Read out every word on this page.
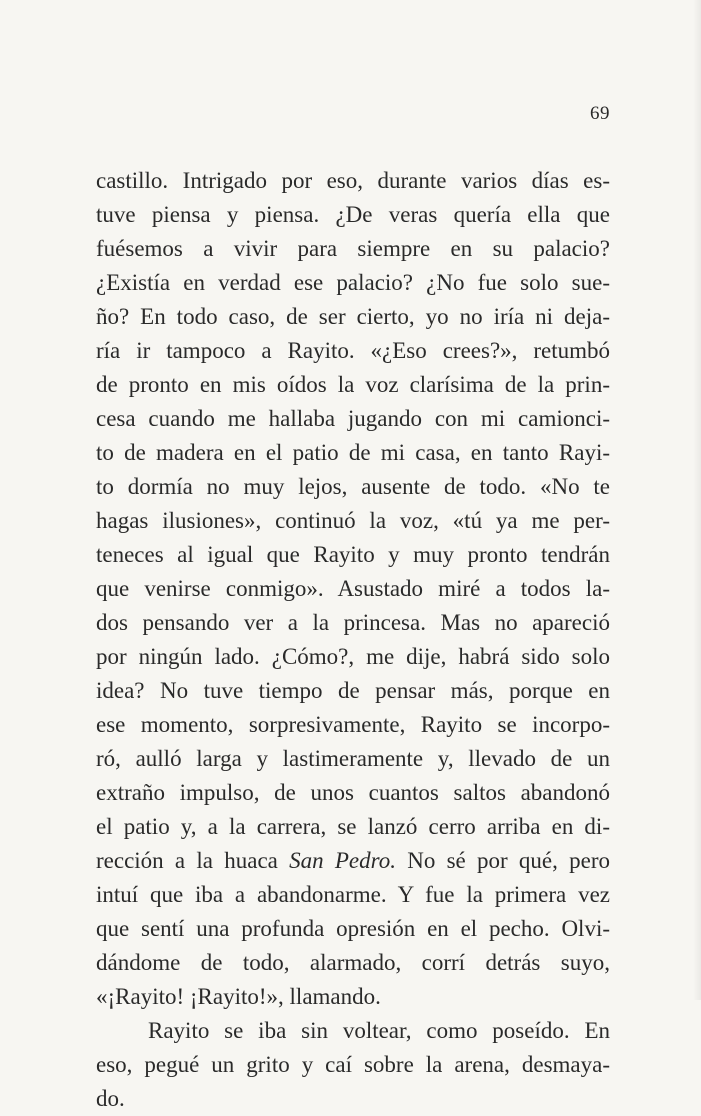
69
castillo. Intrigado por eso, durante varios días es-
tuve piensa y piensa. ¿De veras quería ella que
fuésemos a vivir para siempre en su palacio?
¿Existía en verdad ese palacio? ¿No fue solo sue-
ño? En todo caso, de ser cierto, yo no iría ni deja-
ría ir tampoco a Rayito. «¿Eso crees?», retumbó
de pronto en mis oídos la voz clarísima de la prin-
cesa cuando me hallaba jugando con mi camionci-
to de madera en el patio de mi casa, en tanto Rayi-
to dormía no muy lejos, ausente de todo. «No te
hagas ilusiones», continuó la voz, «tú ya me per-
teneces al igual que Rayito y muy pronto tendrán
que venirse conmigo». Asustado miré a todos la-
dos pensando ver a la princesa. Mas no apareció
por ningún lado. ¿Cómo?, me dije, habrá sido solo
idea? No tuve tiempo de pensar más, porque en
ese momento, sorpresivamente, Rayito se incorpo-
ró, aulló larga y lastimeramente y, llevado de un
extraño impulso, de unos cuantos saltos abandonó
el patio y, a la carrera, se lanzó cerro arriba en di-
rección a la huaca San Pedro. No sé por qué, pero
intuí que iba a abandonarme. Y fue la primera vez
que sentí una profunda opresión en el pecho. Olvi-
dándome de todo, alarmado, corrí detrás suyo,
«¡Rayito! ¡Rayito!», llamando.
Rayito se iba sin voltear, como poseído. En
eso, pegué un grito y caí sobre la arena, desmaya-
do.
